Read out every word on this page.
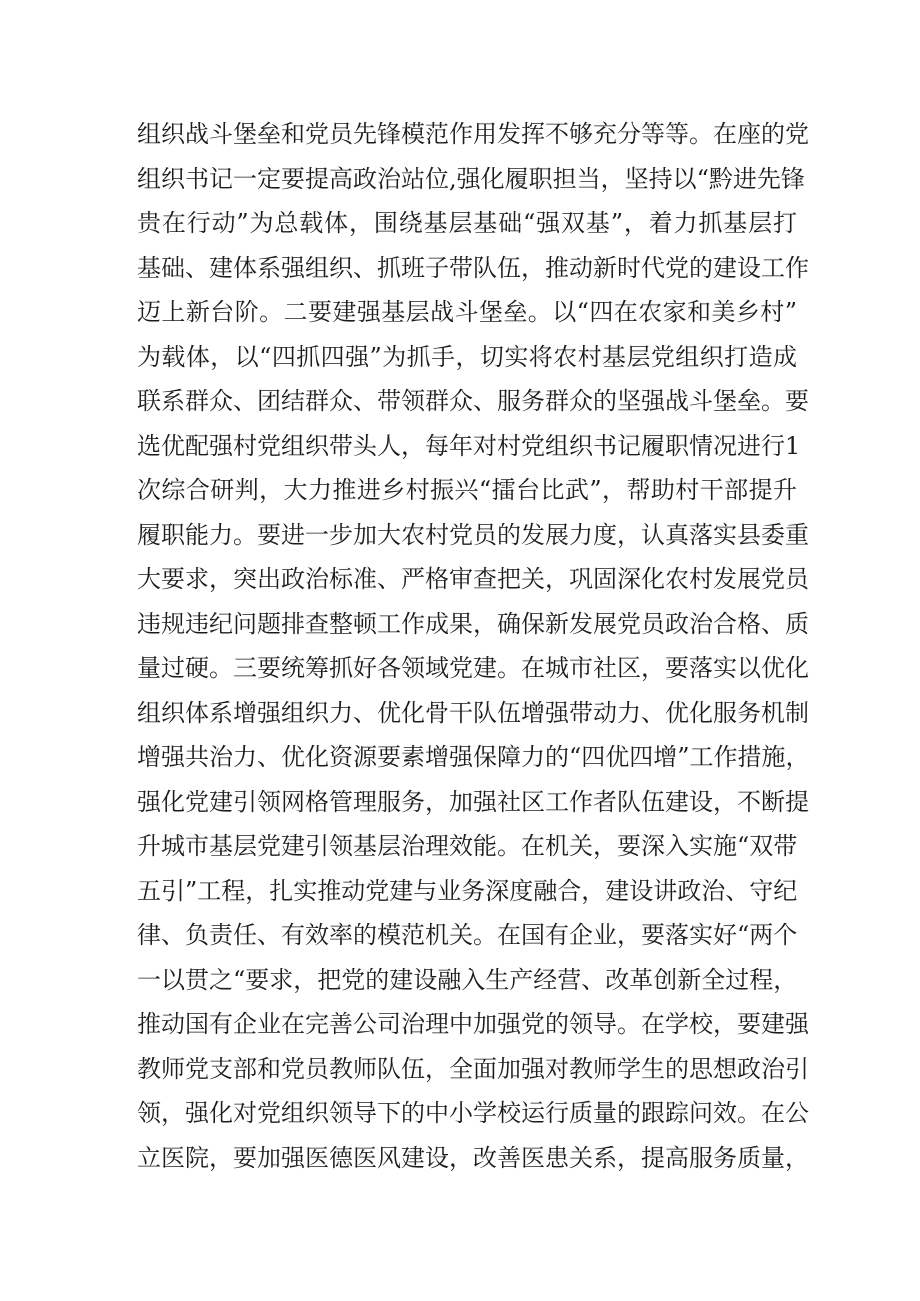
组织战斗堡垒和党员先锋模范作用发挥不够充分等等。在座的党
组织书记一定要提高政治站位,强化履职担当，坚持以“黔进先锋
贵在行动”为总载体，围绕基层基础“强双基”，着力抓基层打
基础、建体系强组织、抓班子带队伍，推动新时代党的建设工作
迈上新台阶。二要建强基层战斗堡垒。以“四在农家和美乡村”
为载体，以“四抓四强”为抓手，切实将农村基层党组织打造成
联系群众、团结群众、带领群众、服务群众的坚强战斗堡垒。要
选优配强村党组织带头人，每年对村党组织书记履职情况进行1
次综合研判，大力推进乡村振兴“擂台比武”，帮助村干部提升
履职能力。要进一步加大农村党员的发展力度，认真落实县委重
大要求，突出政治标准、严格审查把关，巩固深化农村发展党员
违规违纪问题排查整顿工作成果，确保新发展党员政治合格、质
量过硬。三要统筹抓好各领域党建。在城市社区，要落实以优化
组织体系增强组织力、优化骨干队伍增强带动力、优化服务机制
增强共治力、优化资源要素增强保障力的“四优四增”工作措施，
强化党建引领网格管理服务，加强社区工作者队伍建设，不断提
升城市基层党建引领基层治理效能。在机关，要深入实施“双带
五引”工程，扎实推动党建与业务深度融合，建设讲政治、守纪
律、负责任、有效率的模范机关。在国有企业，要落实好“两个
一以贯之“要求，把党的建设融入生产经营、改革创新全过程，
推动国有企业在完善公司治理中加强党的领导。在学校，要建强
教师党支部和党员教师队伍，全面加强对教师学生的思想政治引
领，强化对党组织领导下的中小学校运行质量的跟踪问效。在公
立医院，要加强医德医风建设，改善医患关系，提高服务质量，
